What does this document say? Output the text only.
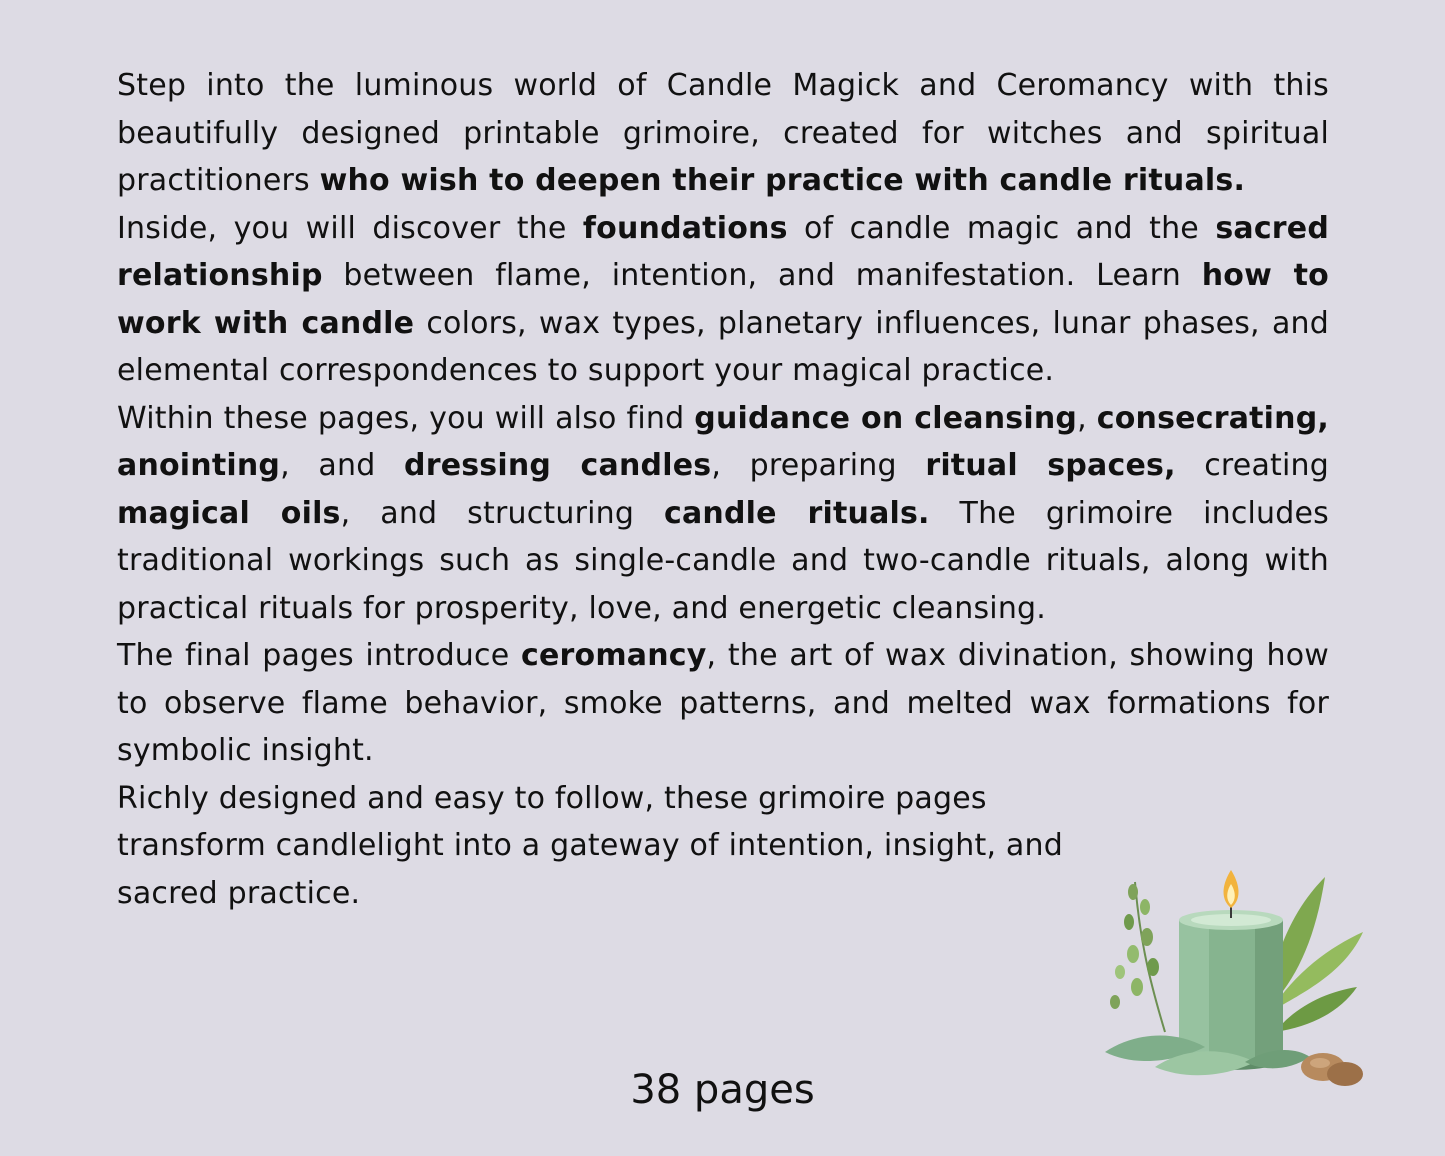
Step into the luminous world of Candle Magick and Ceromancy with this beautifully designed printable grimoire, created for witches and spiritual practitioners who wish to deepen their practice with candle rituals.

Inside, you will discover the foundations of candle magic and the sacred relationship between flame, intention, and manifestation. Learn how to work with candle colors, wax types, planetary influences, lunar phases, and elemental correspondences to support your magical practice.

Within these pages, you will also find guidance on cleansing, consecrating, anointing, and dressing candles, preparing ritual spaces, creating magical oils, and structuring candle rituals. The grimoire includes traditional workings such as single-candle and two-candle rituals, along with practical rituals for prosperity, love, and energetic cleansing.

The final pages introduce ceromancy, the art of wax divination, showing how to observe flame behavior, smoke patterns, and melted wax formations for symbolic insight.

Richly designed and easy to follow, these grimoire pages transform candlelight into a gateway of intention, insight, and sacred practice.

38 pages
